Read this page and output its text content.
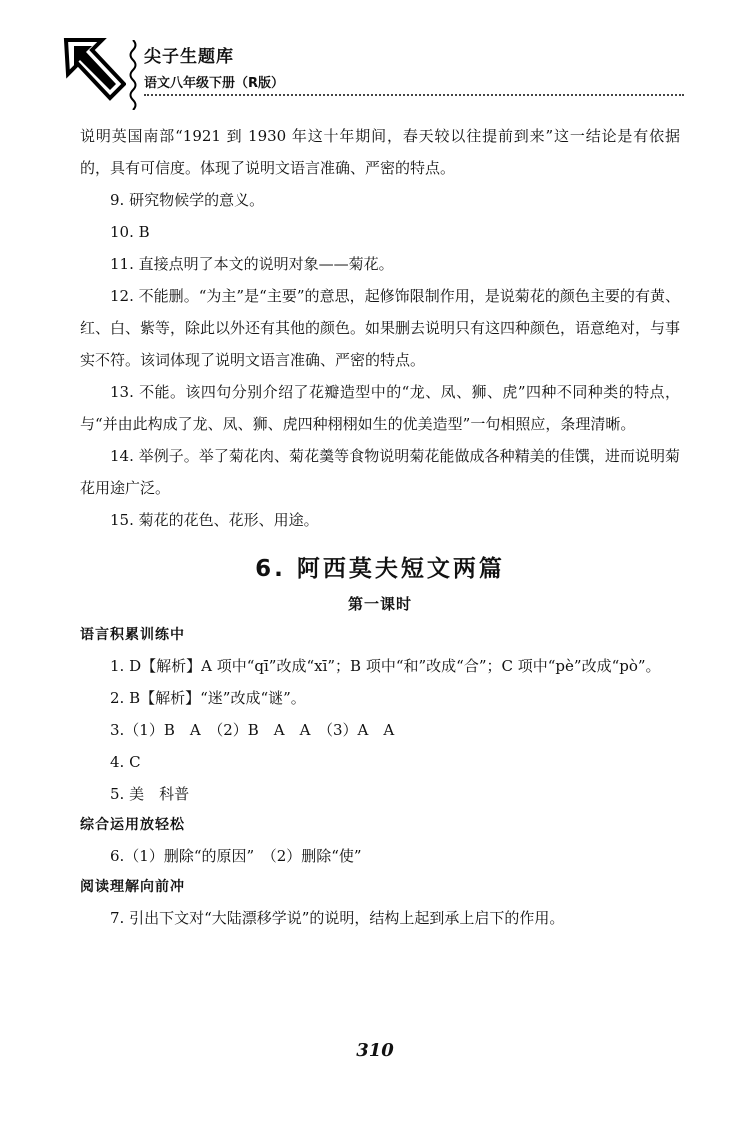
尖子生题库
语文八年级下册（R版）

说明英国南部“1921 到 1930 年这十年期间，春天较以往提前到来”这一结论是有依据的，具有可信度。体现了说明文语言准确、严密的特点。

9. 研究物候学的意义。

10. B

11. 直接点明了本文的说明对象——菊花。

12. 不能删。“为主”是“主要”的意思，起修饰限制作用，是说菊花的颜色主要的有黄、红、白、紫等，除此以外还有其他的颜色。如果删去说明只有这四种颜色，语意绝对，与事实不符。该词体现了说明文语言准确、严密的特点。

13. 不能。该四句分别介绍了花瓣造型中的“龙、凤、狮、虎”四种不同种类的特点，与“并由此构成了龙、凤、狮、虎四种栩栩如生的优美造型”一句相照应，条理清晰。

14. 举例子。举了菊花肉、菊花羹等食物说明菊花能做成各种精美的佳馔，进而说明菊花用途广泛。

15. 菊花的花色、花形、用途。

6. 阿西莫夫短文两篇
第一课时

语言积累训练中

1. D【解析】A 项中“qī”改成“xī”；B 项中“和”改成“合”；C 项中“pè”改成“pò”。

2. B【解析】“迷”改成“谜”。

3.（1）B　A　（2）B　A　A　（3）A　A

4. C

5. 美　科普

综合运用放轻松

6.（1）删除“的原因”　（2）删除“使”

阅读理解向前冲

7. 引出下文对“大陆漂移学说”的说明，结构上起到承上启下的作用。

310
